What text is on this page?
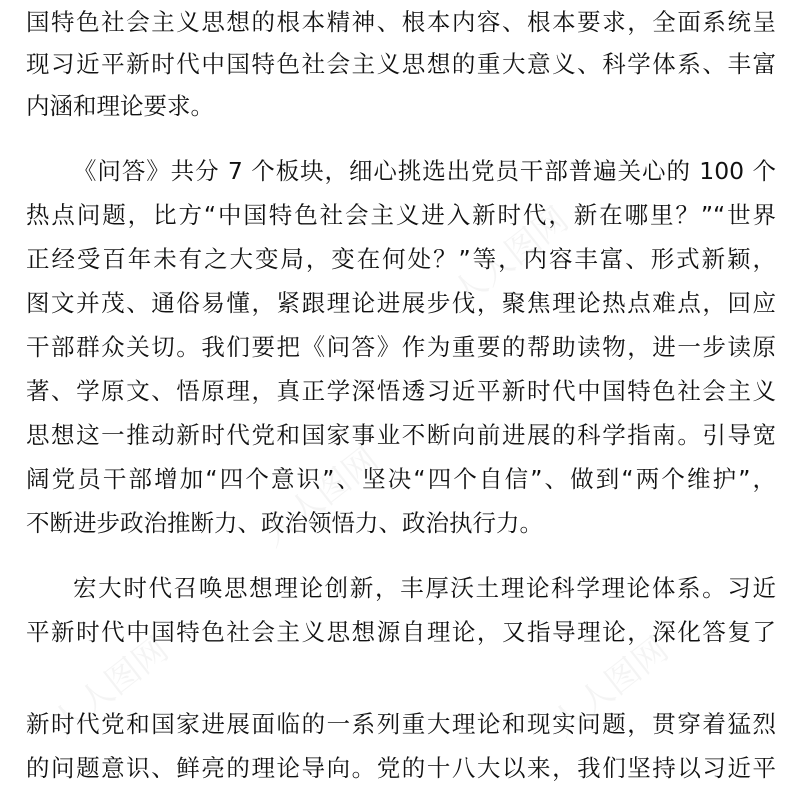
人人图网
人人图网
人人图网
人人图网
国特色社会主义思想的根本精神、根本内容、根本要求，全面系统呈
现习近平新时代中国特色社会主义思想的重大意义、科学体系、丰富
内涵和理论要求。
《问答》共分 7 个板块，细心挑选出党员干部普遍关心的 100 个
热点问题，比方“中国特色社会主义进入新时代，新在哪里？”“世界
正经受百年未有之大变局，变在何处？”等，内容丰富、形式新颖，
图文并茂、通俗易懂，紧跟理论进展步伐，聚焦理论热点难点，回应
干部群众关切。我们要把《问答》作为重要的帮助读物，进一步读原
著、学原文、悟原理，真正学深悟透习近平新时代中国特色社会主义
思想这一推动新时代党和国家事业不断向前进展的科学指南。引导宽
阔党员干部增加“四个意识”、坚决“四个自信”、做到“两个维护”，
不断进步政治推断力、政治领悟力、政治执行力。
宏大时代召唤思想理论创新，丰厚沃土理论科学理论体系。习近
平新时代中国特色社会主义思想源自理论，又指导理论，深化答复了
新时代党和国家进展面临的一系列重大理论和现实问题，贯穿着猛烈
的问题意识、鲜亮的理论导向。党的十八大以来，我们坚持以习近平
